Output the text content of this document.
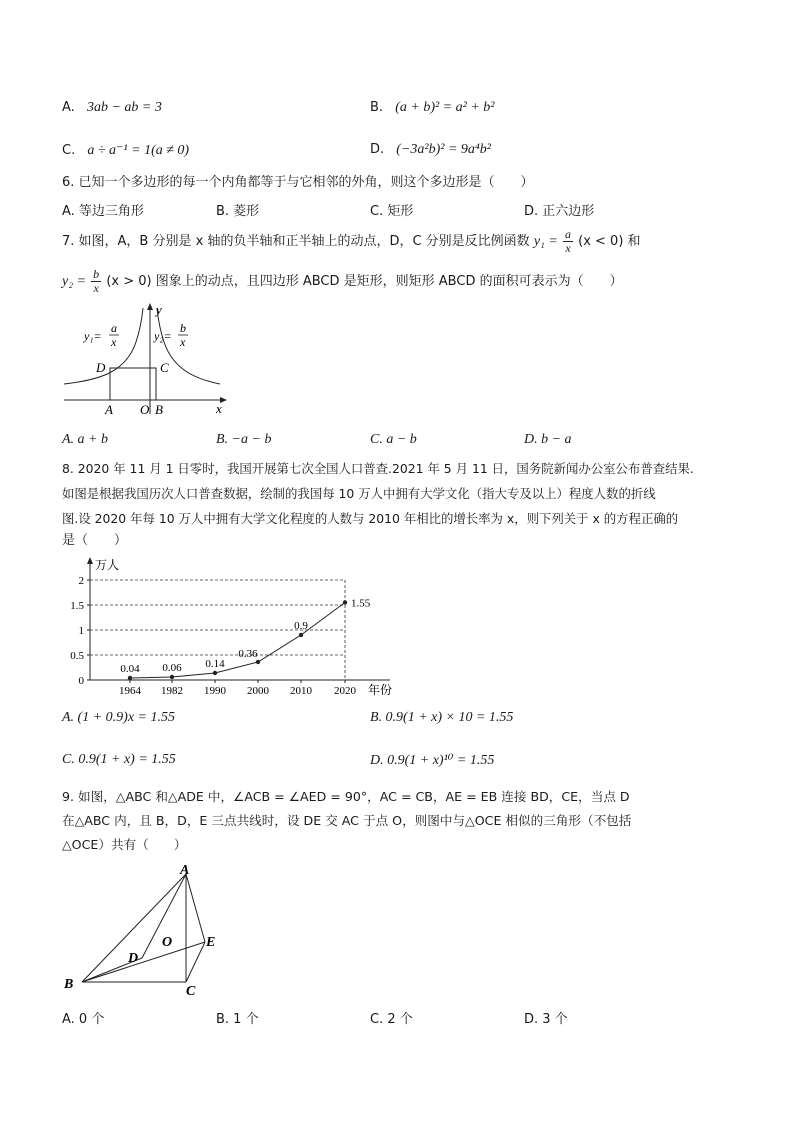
A. 3ab − ab = 3	B. (a + b)² = a² + b²
C. a ÷ a⁻¹ = 1(a ≠ 0)	D. (−3a²b)² = 9a⁴b²
6. 已知一个多边形的每一个内角都等于与它相邻的外角，则这个多边形是（　　）
A. 等边三角形	B. 菱形	C. 矩形	D. 正六边形
7. 如图，A，B 分别是 x 轴的负半轴和正半轴上的动点，D，C 分别是反比例函数 $y_1 = \frac{a}{x} (x < 0)$ 和
$y_2 = \frac{b}{x} (x > 0)$ 图象上的动点，且四边形 ABCD 是矩形，则矩形 ABCD 的面积可表示为（　　）
y
x
y₁=
a
x	y₂=
b
x
D	C
A O B
A. a + b	B. −a − b	C. a − b	D. b − a
8. 2020 年 11 月 1 日零时，我国开展第七次全国人口普查.2021 年 5 月 11 日，国务院新闻办公室公布普查结果.
如图是根据我国历次人口普查数据，绘制的我国每 10 万人中拥有大学文化（指大专及以上）程度人数的折线
图.设 2020 年每 10 万人中拥有大学文化程度的人数与 2010 年相比的增长率为 x，则下列关于 x 的方程正确的
是（　　）
万人
年份
0
0.5
1
1.5
2
1964 1982 1990 2000 2010 2020
0.04 0.06 0.14
0.36
0.9
1.55
A. (1 + 0.9)x = 1.55	B. 0.9(1 + x) × 10 = 1.55
C. 0.9(1 + x) = 1.55	D. 0.9(1 + x)¹⁰ = 1.55
9. 如图，△ABC 和△ADE 中，∠ACB = ∠AED = 90°，AC = CB，AE = EB 连接 BD，CE，当点 D
在△ABC 内，且 B，D，E 三点共线时，设 DE 交 AC 于点 O，则图中与△OCE 相似的三角形（不包括
△OCE）共有（　　）
A
B	C
D
E
O
A. 0 个	B. 1 个	C. 2 个	D. 3 个
